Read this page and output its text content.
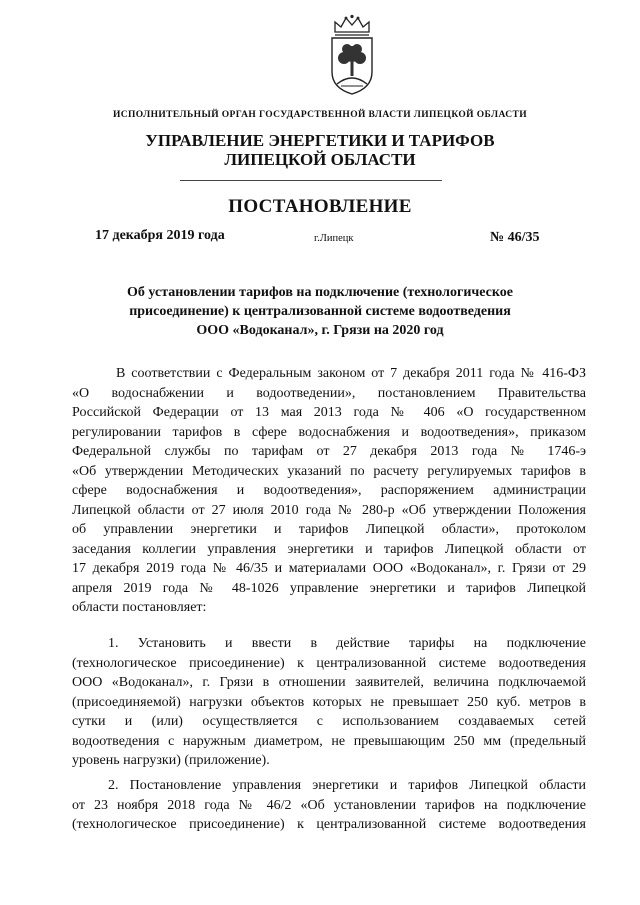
ИСПОЛНИТЕЛЬНЫЙ ОРГАН ГОСУДАРСТВЕННОЙ ВЛАСТИ ЛИПЕЦКОЙ ОБЛАСТИ
УПРАВЛЕНИЕ ЭНЕРГЕТИКИ И ТАРИФОВ
ЛИПЕЦКОЙ ОБЛАСТИ
ПОСТАНОВЛЕНИЕ
17 декабря 2019 года	г.Липецк	№ 46/35
Об установлении тарифов на подключение (технологическое
присоединение) к централизованной системе водоотведения
ООО «Водоканал», г. Грязи на 2020 год
В соответствии с Федеральным законом от 7 декабря 2011 года № 416-ФЗ
«О водоснабжении и водоотведении», постановлением Правительства
Российской Федерации от 13 мая 2013 года № 406 «О государственном
регулировании тарифов в сфере водоснабжения и водоотведения», приказом
Федеральной службы по тарифам от 27 декабря 2013 года № 1746-э
«Об утверждении Методических указаний по расчету регулируемых тарифов в
сфере водоснабжения и водоотведения», распоряжением администрации
Липецкой области от 27 июля 2010 года № 280-р «Об утверждении Положения
об управлении энергетики и тарифов Липецкой области», протоколом
заседания коллегии управления энергетики и тарифов Липецкой области от
17 декабря 2019 года № 46/35 и материалами ООО «Водоканал», г. Грязи от 29
апреля 2019 года № 48-1026 управление энергетики и тарифов Липецкой
области постановляет:
1. Установить и ввести в действие тарифы на подключение
(технологическое присоединение) к централизованной системе водоотведения
ООО «Водоканал», г. Грязи в отношении заявителей, величина подключаемой
(присоединяемой) нагрузки объектов которых не превышает 250 куб. метров в
сутки и (или) осуществляется с использованием создаваемых сетей
водоотведения с наружным диаметром, не превышающим 250 мм (предельный
уровень нагрузки) (приложение).
2. Постановление управления энергетики и тарифов Липецкой области
от 23 ноября 2018 года № 46/2 «Об установлении тарифов на подключение
(технологическое присоединение) к централизованной системе водоотведения
